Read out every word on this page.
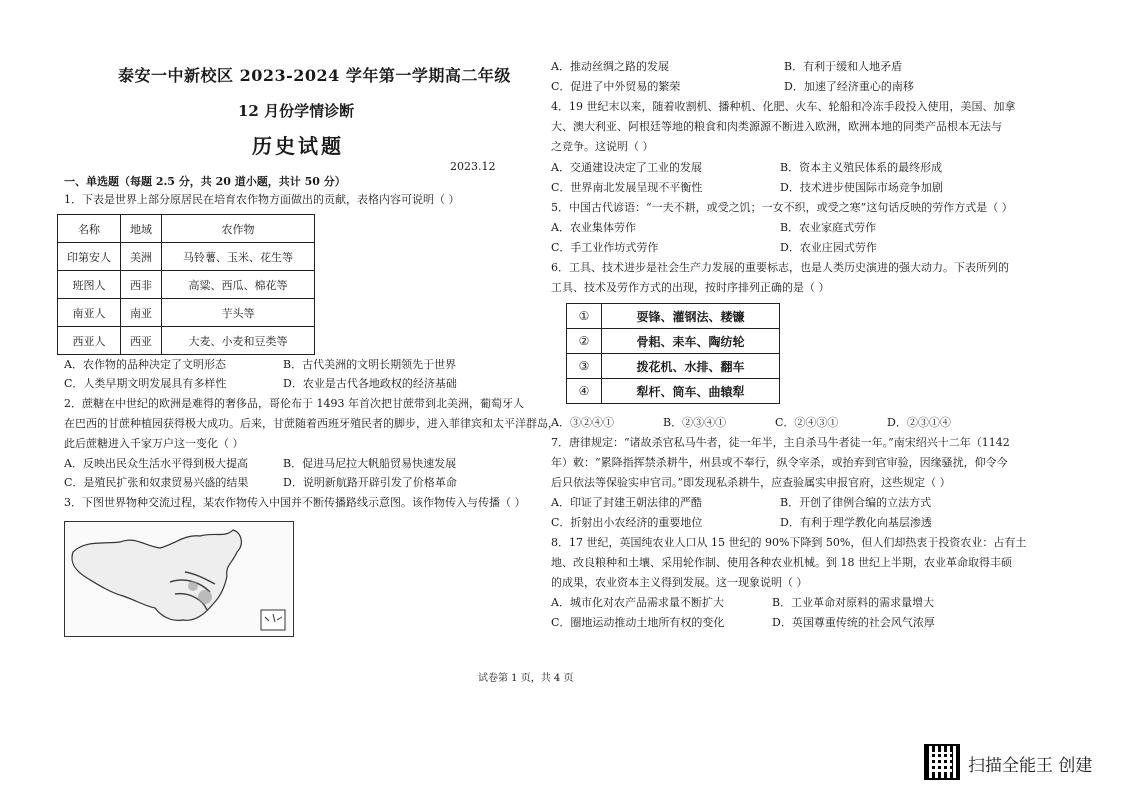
泰安一中新校区 2023-2024 学年第一学期高二年级
12 月份学情诊断
历史试题
2023.12
一、单选题（每题 2.5 分，共 20 道小题，共计 50 分）
1．下表是世界上部分原居民在培育农作物方面做出的贡献，表格内容可说明（ ）
名称	地域	农作物
印第安人	美洲	马铃薯、玉米、花生等
班图人	西非	高粱、西瓜、棉花等
南亚人	南亚	芋头等
西亚人	西亚	大麦、小麦和豆类等
A．农作物的品种决定了文明形态	B．古代美洲的文明长期领先于世界
C．人类早期文明发展具有多样性	D．农业是古代各地政权的经济基础
2．蔗糖在中世纪的欧洲是难得的奢侈品，哥伦布于 1493 年首次把甘蔗带到北美洲，葡萄牙人
在巴西的甘蔗种植园获得极大成功。后来，甘蔗随着西班牙殖民者的脚步，进入菲律宾和太平洋群岛，
此后蔗糖进入千家万户这一变化（ ）
A．反映出民众生活水平得到极大提高	B．促进马尼拉大帆船贸易快速发展
C．是殖民扩张和奴隶贸易兴盛的结果	D．说明新航路开辟引发了价格革命
3．下图世界物种交流过程，某农作物传入中国并不断传播路线示意图。该作物传入与传播（ ）
A．推动丝绸之路的发展	B．有利于缓和人地矛盾
C．促进了中外贸易的繁荣	D．加速了经济重心的南移
4．19 世纪末以来，随着收割机、播种机、化肥、火车、轮船和冷冻手段投入使用，美国、加拿
大、澳大利亚、阿根廷等地的粮食和肉类源源不断进入欧洲，欧洲本地的同类产品根本无法与
之竞争。这说明（ ）
A．交通建设决定了工业的发展	B．资本主义殖民体系的最终形成
C．世界南北发展呈现不平衡性	D．技术进步使国际市场竞争加剧
5．中国古代谚语：“一夫不耕，或受之饥；一女不织，或受之寒”这句话反映的劳作方式是（ ）
A．农业集体劳作	B．农业家庭式劳作
C．手工业作坊式劳作	D．农业庄园式劳作
6．工具、技术进步是社会生产力发展的重要标志，也是人类历史演进的强大动力。下表所列的
工具、技术及劳作方式的出现，按时序排列正确的是（ ）
①	耍锋、灌钢法、耧镰
②	骨耜、耒车、陶纺轮
③	拨花机、水排、翻车
④	犁杆、筒车、曲辕犁
A．③②④①	B．②③④①	C．②④③①	D．②③①④
7．唐律规定：“诸故杀官私马牛者，徒一年半，主自杀马牛者徒一年。”南宋绍兴十二年（1142
年）敕：“累降指挥禁杀耕牛，州县或不奉行，纵令宰杀，或抬弃到官审验，因缘骚扰，仰令今
后只依法等保验实申官司。”即发现私杀耕牛，应查验属实申报官府，这些规定（ ）
A．印证了封建王朝法律的严酷	B．开创了律例合编的立法方式
C．折射出小农经济的重要地位	D．有利于理学教化向基层渗透
8．17 世纪，英国纯农业人口从 15 世纪的 90%下降到 50%，但人们却热衷于投资农业：占有土
地、改良粮种和土壤、采用轮作制、使用各种农业机械。到 18 世纪上半期，农业革命取得丰硕
的成果，农业资本主义得到发展。这一现象说明（ ）
A．城市化对农产品需求量不断扩大	B．工业革命对原料的需求量增大
C．圈地运动推动土地所有权的变化	D．英国尊重传统的社会风气浓厚
试卷第 1 页，共 4 页
扫描全能王 创建
